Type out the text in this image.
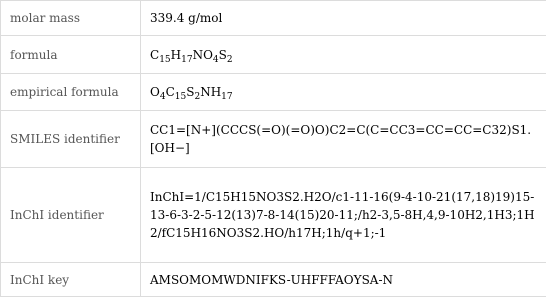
molar mass	339.4 g/mol
formula	$C_{15}H_{17}NO_4S_2$
empirical formula	$O_4C_{15}S_2NH_{17}$
SMILES identifier	CC1=[N+](CCCS(=O)(=O)O)C2=C(C=CC3=CC=CC=C32)S1.[OH−]
InChI identifier	InChI=1/C15H15NO3S2.H2O/c1-11-16(9-4-10-21(17,18)19)15-13-6-3-2-5-12(13)7-8-14(15)20-11;/h2-3,5-8H,4,9-10H2,1H3;1H2/fC15H16NO3S2.HO/h17H;1h/q+1;-1
InChI key	AMSOMOMWDNIFKS-UHFFFAOYSA-N
